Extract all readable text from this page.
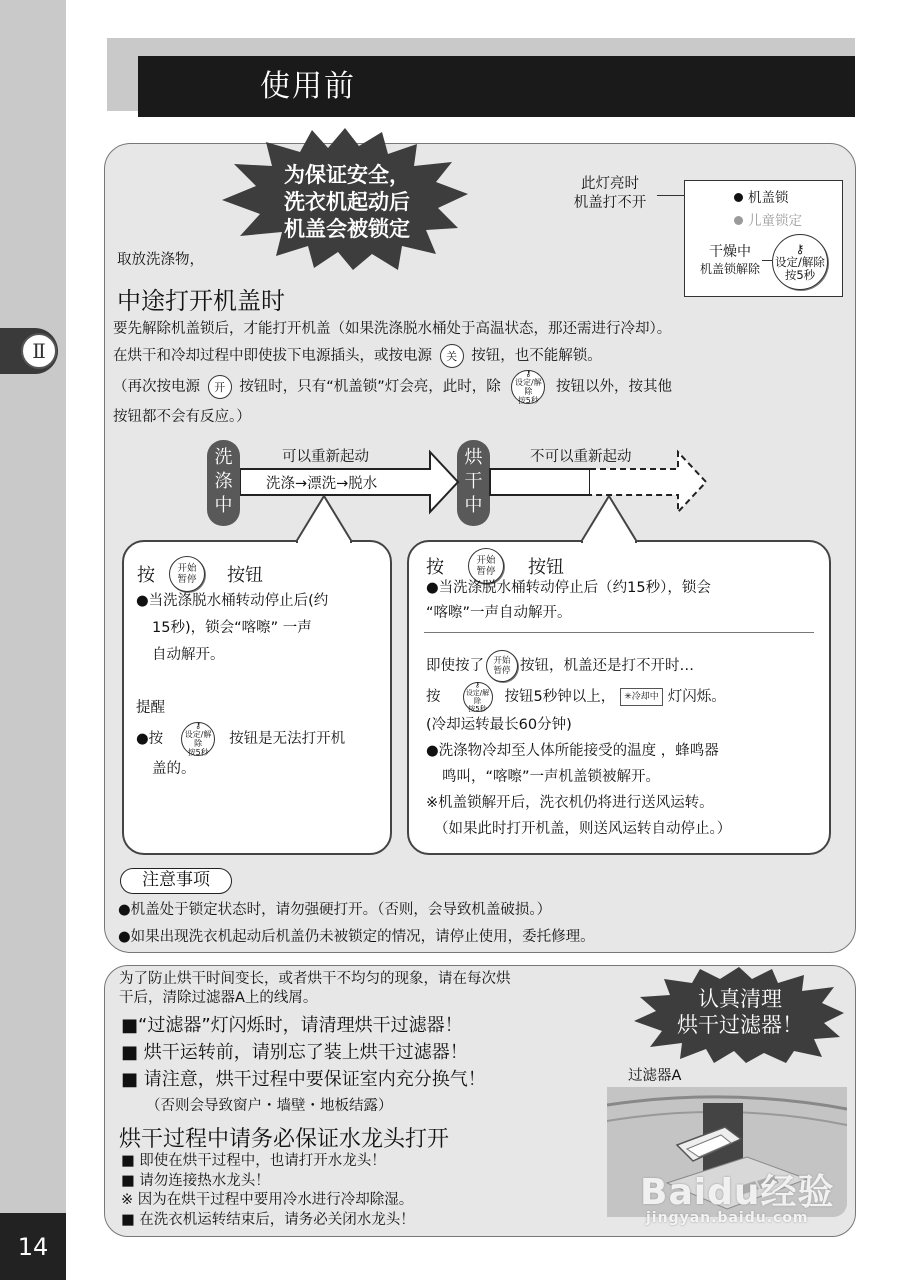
Ⅱ
14
使用前
为保证安全，
洗衣机起动后
机盖会被锁定
此灯亮时
机盖打不开	机盖锁
儿童锁定
干燥中
机盖锁解除
⚷
设定/解除
按5秒
取放洗涤物，
中途打开机盖时
要先解除机盖锁后，才能打开机盖（如果洗涤脱水桶处于高温状态，那还需进行冷却）。
在烘干和冷却过程中即使拔下电源插头，或按电源 关 按钮，也不能解锁。
（再次按电源 开 按钮时，只有“机盖锁”灯会亮，此时，除
⚷
设定/解除
按5秒
按钮以外，按其他
按钮都不会有反应。）
洗
涤
中
烘
干
中
可以重新起动
洗涤→漂洗→脱水
不可以重新起动
按 开始
暂停 按钮
●当洗涤脱水桶转动停止后(约
15秒)，锁会“喀嚓” 一声
自动解开。
提醒
●按
⚷
设定/解除
按5秒
按钮是无法打开机
盖的。
按	开始
暂停 按钮
●当洗涤脱水桶转动停止后（约15秒），锁会
“喀嚓”一声自动解开。
即使按了 开始
暂停 按钮，机盖还是打不开时…
按
⚷
设定/解除
按5秒
按钮5秒钟以上， ✳ 冷却中 灯闪烁。
(冷却运转最长60分钟)
●洗涤物冷却至人体所能接受的温度 ，蜂鸣器
鸣叫，“喀嚓”一声机盖锁被解开。
※机盖锁解开后，洗衣机仍将进行送风运转。
（如果此时打开机盖，则送风运转自动停止。）
注意事项
●机盖处于锁定状态时，请勿强硬打开。（否则，会导致机盖破损。）
●如果出现洗衣机起动后机盖仍未被锁定的情况，请停止使用，委托修理。
为了防止烘干时间变长，或者烘干不均匀的现象，请在每次烘
干后，清除过滤器A上的线屑。
■“过滤器”灯闪烁时，请清理烘干过滤器！
■ 烘干运转前，请别忘了装上烘干过滤器！
■ 请注意，烘干过程中要保证室内充分换气！
（否则会导致窗户・墙壁・地板结露）
认真清理
烘干过滤器！
过滤器A
Baidu经验
jingyan.baidu.com
烘干过程中请务必保证水龙头打开
■ 即使在烘干过程中，也请打开水龙头！
■ 请勿连接热水龙头！
※ 因为在烘干过程中要用冷水进行冷却除湿。
■ 在洗衣机运转结束后，请务必关闭水龙头！
